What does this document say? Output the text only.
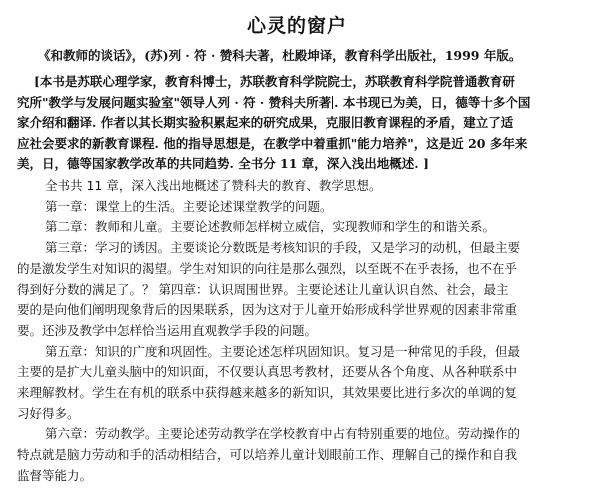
心灵的窗户
《和教师的谈话》，(苏)列 · 符 · 赞科夫著，杜殿坤译，教育科学出版社，1999 年版。
[本书是苏联心理学家，教育科博士，苏联教育科学院院士，苏联教育科学院普通教育研
究所"教学与发展问题实验室"领导人列 · 符 · 赞科夫所著 . 本书现已为美，日，德等十多个国
家介绍和翻译. 作者以其长期实验积累起来的研究成果，克服旧教育课程的矛盾，建立了适
应社会要求的新教育课程. 他的指导思想是，在教学中着重抓"能力培养"，这是近 20 多年来
美，日，德等国家教学改革的共同趋势. 全书分 11 章，深入浅出地概述. ]
全书共 11 章，深入浅出地概述了赞科夫的教育、教学思想。
第一章：课堂上的生活。主要论述课堂教学的问题。
第二章：教师和儿童。主要论述教师怎样树立威信，实现教师和学生的和谐关系。
第三章：学习的诱因。主要谈论分数既是考核知识的手段，又是学习的动机，但最主要
的是激发学生对知识的渴望。学生对知识的向往是那么强烈，以至既不在乎表扬，也不在乎
得到好分数的满足了。？ 第四章：认识周围世界。主要论述让儿童认识自然、社会，最主
要的是向他们阐明现象背后的因果联系，因为这对于儿童开始形成科学世界观的因素非常重
要。还涉及教学中怎样恰当运用直观教学手段的问题。
第五章：知识的广度和巩固性。主要论述怎样巩固知识。复习是一种常见的手段，但最
主要的是扩大儿童头脑中的知识面，不仅要认真思考教材，还要从各个角度、从各种联系中
来理解教材。学生在有机的联系中获得越来越多的新知识，其效果要比进行多次的单调的复
习好得多。
第六章：劳动教学。主要论述劳动教学在学校教育中占有特别重要的地位。劳动操作的
特点就是脑力劳动和手的活动相结合，可以培养儿童计划眼前工作、理解自己的操作和自我
监督等能力。
